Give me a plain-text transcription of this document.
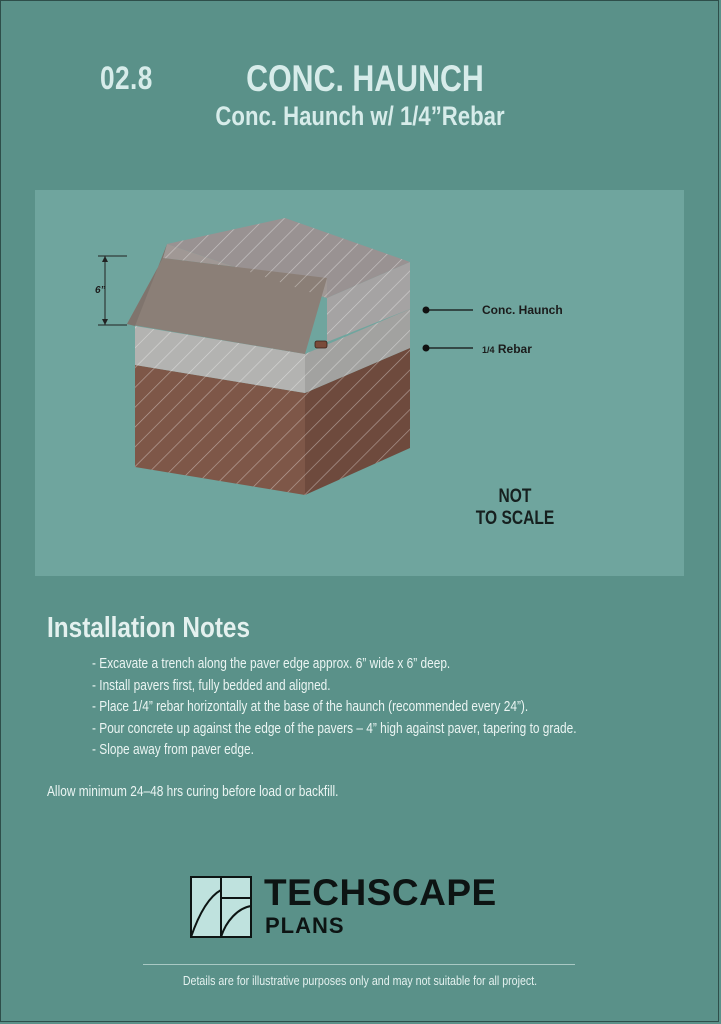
02.8	CONC. HAUNCH
Conc. Haunch w/ 1/4”Rebar
6”
Conc. Haunch
1/4 Rebar
NOT
TO SCALE
Installation Notes
- Excavate a trench along the paver edge approx. 6” wide x 6” deep.
- Install pavers first, fully bedded and aligned.
- Place 1/4” rebar horizontally at the base of the haunch (recommended every 24”).
- Pour concrete up against the edge of the pavers – 4” high against paver, tapering to grade.
- Slope away from paver edge.
Allow minimum 24–48 hrs curing before load or backfill.
TECHSCAPE
PLANS
Details are for illustrative purposes only and may not suitable for all project.
